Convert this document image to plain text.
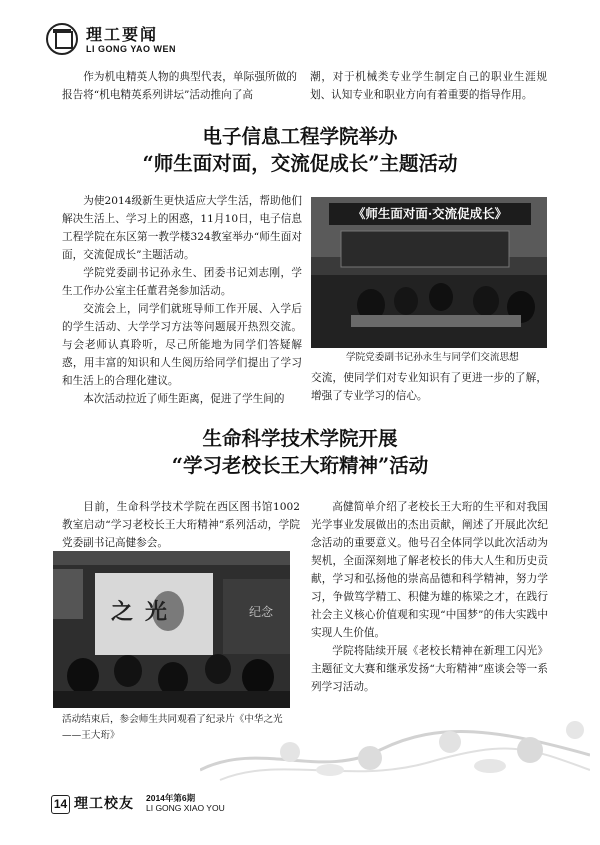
理工要闻
LI GONG YAO WEN

作为机电精英人物的典型代表，单际强所做的报告将“机电精英系列讲坛”活动推向了高

潮，对于机械类专业学生制定自己的职业生涯规划、认知专业和职业方向有着重要的指导作用。

电子信息工程学院举办
“师生面对面，交流促成长”主题活动

为使2014级新生更快适应大学生活，帮助他们解决生活上、学习上的困惑，11月10日，电子信息工程学院在东区第一教学楼324教室举办“师生面对面，交流促成长”主题活动。

学院党委副书记孙永生、团委书记刘志刚，学生工作办公室主任董君尧参加活动。

交流会上，同学们就班导师工作开展、入学后的学生活动、大学学习方法等问题展开热烈交流。与会老师认真聆听，尽己所能地为同学们答疑解惑，用丰富的知识和人生阅历给同学们提出了学习和生活上的合理化建议。

本次活动拉近了师生距离，促进了学生间的

《师生面对面·交流促成长》
学院党委副书记孙永生与同学们交流思想

交流，使同学们对专业知识有了更进一步的了解，增强了专业学习的信心。

生命科学技术学院开展
“学习老校长王大珩精神”活动

目前，生命科学技术学院在西区图书馆1002教室启动“学习老校长王大珩精神”系列活动，学院党委副书记高健参会。

之光	纪念
活动结束后，参会师生共同观看了纪录片《中华之光
——王大珩》

高健简单介绍了老校长王大珩的生平和对我国光学事业发展做出的杰出贡献，阐述了开展此次纪念活动的重要意义。他号召全体同学以此次活动为契机，全面深刻地了解老校长的伟大人生和历史贡献，学习和弘扬他的崇高品德和科学精神，努力学习，争做笃学精工、积健为雄的栋梁之才，在践行社会主义核心价值观和实现“中国梦”的伟大实践中实现人生价值。

学院将陆续开展《老校长精神在新理工闪光》主题征文大赛和继承发扬“大珩精神”座谈会等一系列学习活动。

14 理工校友 2014年第6期
LI GONG XIAO YOU
